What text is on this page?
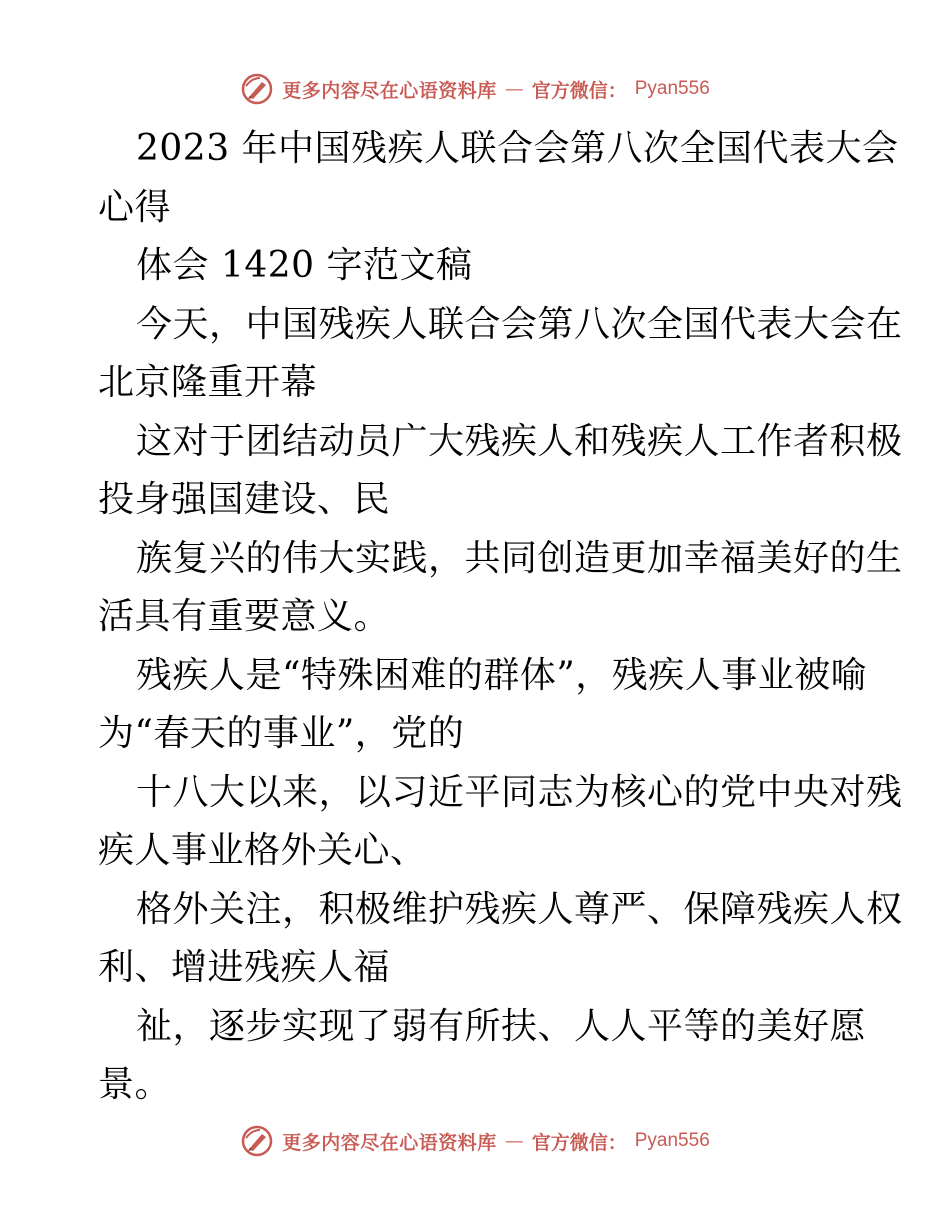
更多内容尽在心语资料库 — 官方微信： Pyan556
2023 年中国残疾人联合会第八次全国代表大会
心得
体会 1420 字范文稿
今天，中国残疾人联合会第八次全国代表大会在
北京隆重开幕
这对于团结动员广大残疾人和残疾人工作者积极
投身强国建设、民
族复兴的伟大实践，共同创造更加幸福美好的生
活具有重要意义。
残疾人是“特殊困难的群体”，残疾人事业被喻
为“春天的事业”，党的
十八大以来，以习近平同志为核心的党中央对残
疾人事业格外关心、
格外关注，积极维护残疾人尊严、保障残疾人权
利、增进残疾人福
祉，逐步实现了弱有所扶、人人平等的美好愿
景。
更多内容尽在心语资料库 — 官方微信： Pyan556
